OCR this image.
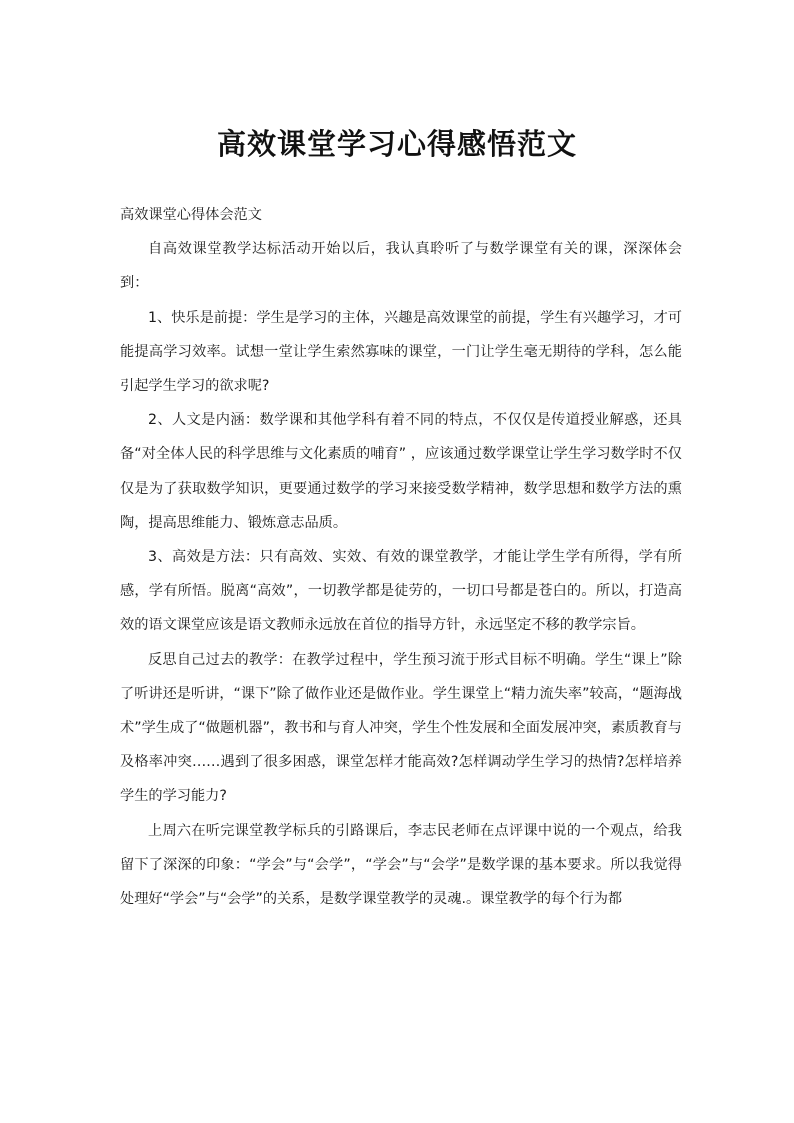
高效课堂学习心得感悟范文

高效课堂心得体会范文

自高效课堂教学达标活动开始以后，我认真聆听了与数学课堂有关的课，深深体会到：

1、快乐是前提：学生是学习的主体，兴趣是高效课堂的前提，学生有兴趣学习，才可能提高学习效率。试想一堂让学生索然寡味的课堂，一门让学生毫无期待的学科，怎么能引起学生学习的欲求呢?

2、人文是内涵：数学课和其他学科有着不同的特点，不仅仅是传道授业解惑，还具备“对全体人民的科学思维与文化素质的哺育” ，应该通过数学课堂让学生学习数学时不仅仅是为了获取数学知识，更要通过数学的学习来接受数学精神，数学思想和数学方法的熏陶，提高思维能力、锻炼意志品质。

3、高效是方法：只有高效、实效、有效的课堂教学，才能让学生学有所得，学有所感，学有所悟。脱离“高效”，一切教学都是徒劳的，一切口号都是苍白的。所以，打造高效的语文课堂应该是语文教师永远放在首位的指导方针，永远坚定不移的教学宗旨。

反思自己过去的教学：在教学过程中，学生预习流于形式目标不明确。学生“课上”除了听讲还是听讲，“课下”除了做作业还是做作业。学生课堂上“精力流失率”较高，“题海战术”学生成了“做题机器”，教书和与育人冲突，学生个性发展和全面发展冲突，素质教育与及格率冲突……遇到了很多困惑，课堂怎样才能高效?怎样调动学生学习的热情?怎样培养学生的学习能力?

上周六在听完课堂教学标兵的引路课后，李志民老师在点评课中说的一个观点，给我留下了深深的印象：“学会”与“会学”，“学会”与“会学”是数学课的基本要求。所以我觉得处理好“学会”与“会学”的关系，是数学课堂教学的灵魂.。课堂教学的每个行为都
